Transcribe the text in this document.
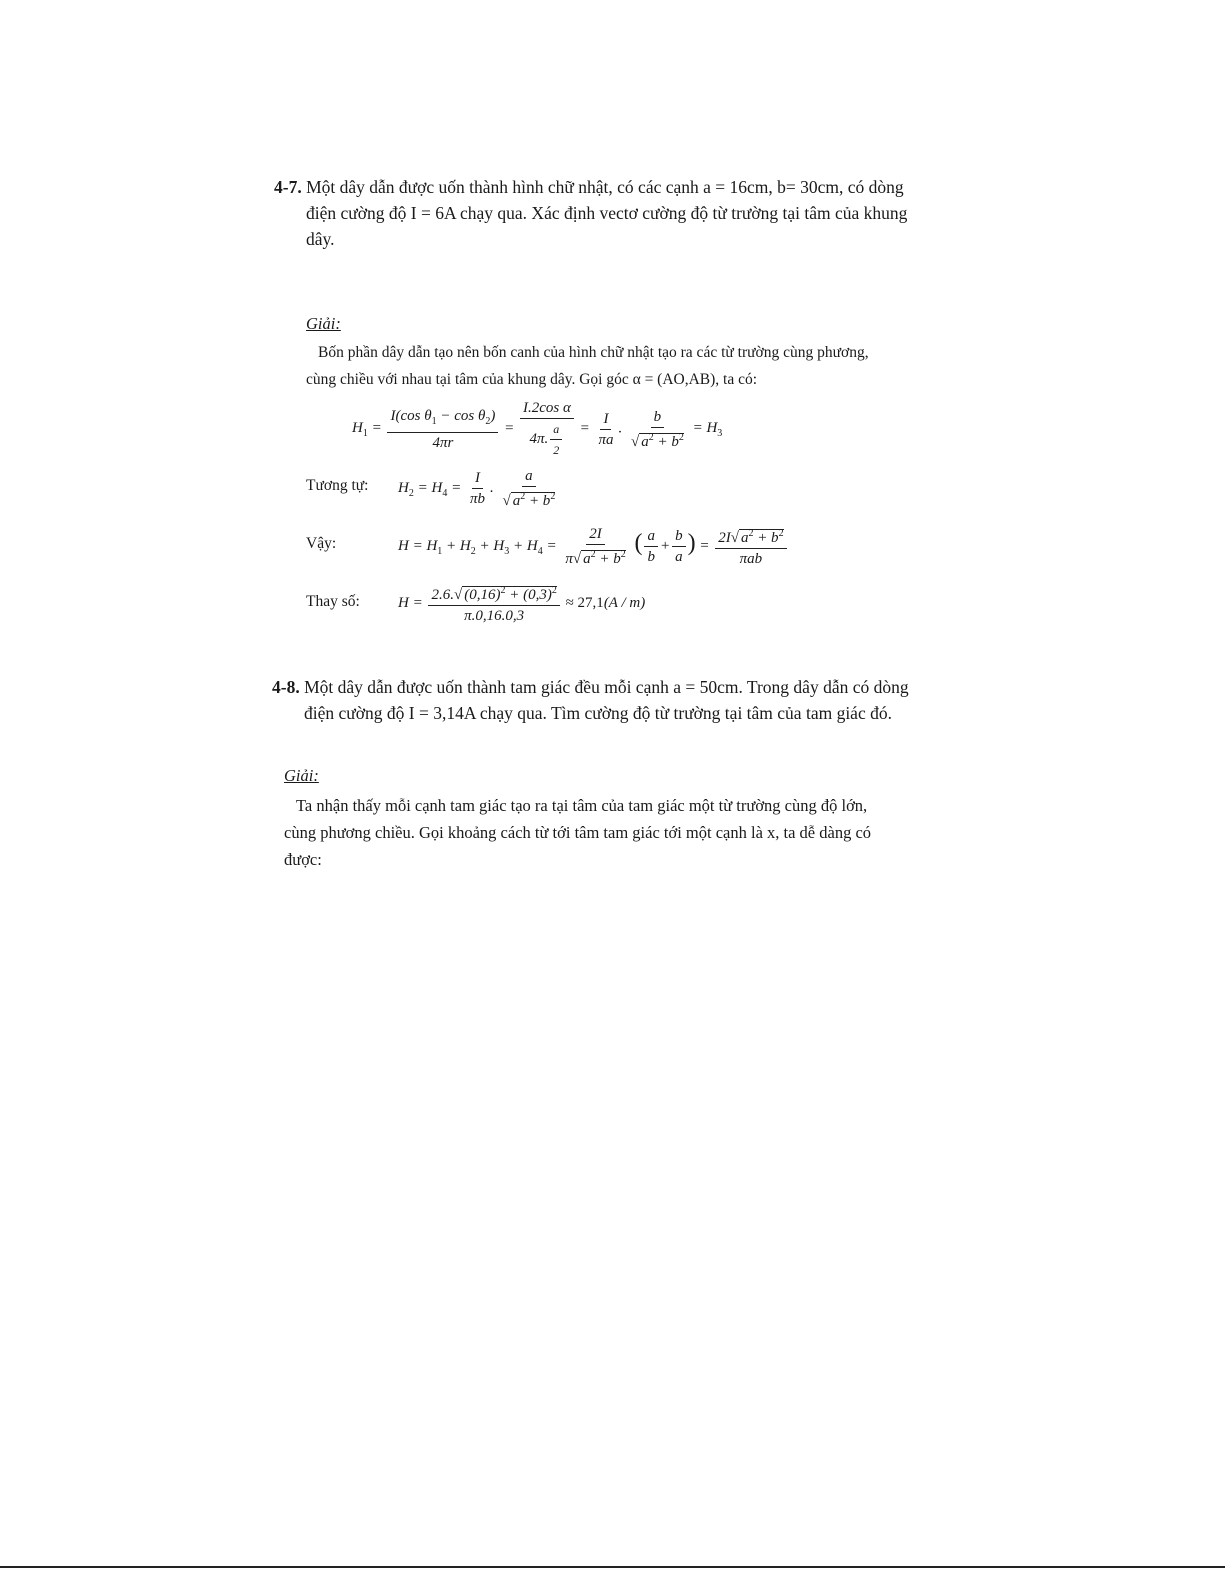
4-7. Một dây dẫn được uốn thành hình chữ nhật, có các cạnh a = 16cm, b= 30cm, có dòng
điện cường độ I = 6A chạy qua. Xác định vectơ cường độ từ trường tại tâm của khung
dây.
Giải:
Bốn phần dây dẫn tạo nên bốn canh của hình chữ nhật tạo ra các từ trường cùng phương,
cùng chiều với nhau tại tâm của khung dây. Gọi góc α = (AO,AB), ta có:
$H_1 = \frac{I(\cos \theta_1 - \cos \theta_2)}{4\pi r} = \frac{\text{I.2cos α}}{4\pi. \frac{a}{2}} = \frac{I}{\pi a}$ . $\frac{b}{√ a^2 + b^2} = H_3$
Tương tự: $H_2 = H_4 = \frac{I}{\pi b}$ . $\frac{a}{√ a^2 + b^2}$
Vậy:	$H = H_1 + H_2 + H_3 + H_4 = \frac{2I}{\pi√ a^2 + b^2}$ ( $\frac{a}{b} + \frac{b}{a}$ ) = $\frac{2I√ a^2 + b^2}{\text{πab}}$
Thay số:	$H = \frac{2.6.√ (0,16)^2 + (0,3)^2}{\pi.0,16.0,3} \approx 27,1(A / m)$
4-8. Một dây dẫn được uốn thành tam giác đều mỗi cạnh a = 50cm. Trong dây dẫn có dòng
điện cường độ I = 3,14A chạy qua. Tìm cường độ từ trường tại tâm của tam giác đó.
Giải:
Ta nhận thấy mỗi cạnh tam giác tạo ra tại tâm của tam giác một từ trường cùng độ lớn,
cùng phương chiều. Gọi khoảng cách từ tới tâm tam giác tới một cạnh là x, ta dễ dàng có
được:
